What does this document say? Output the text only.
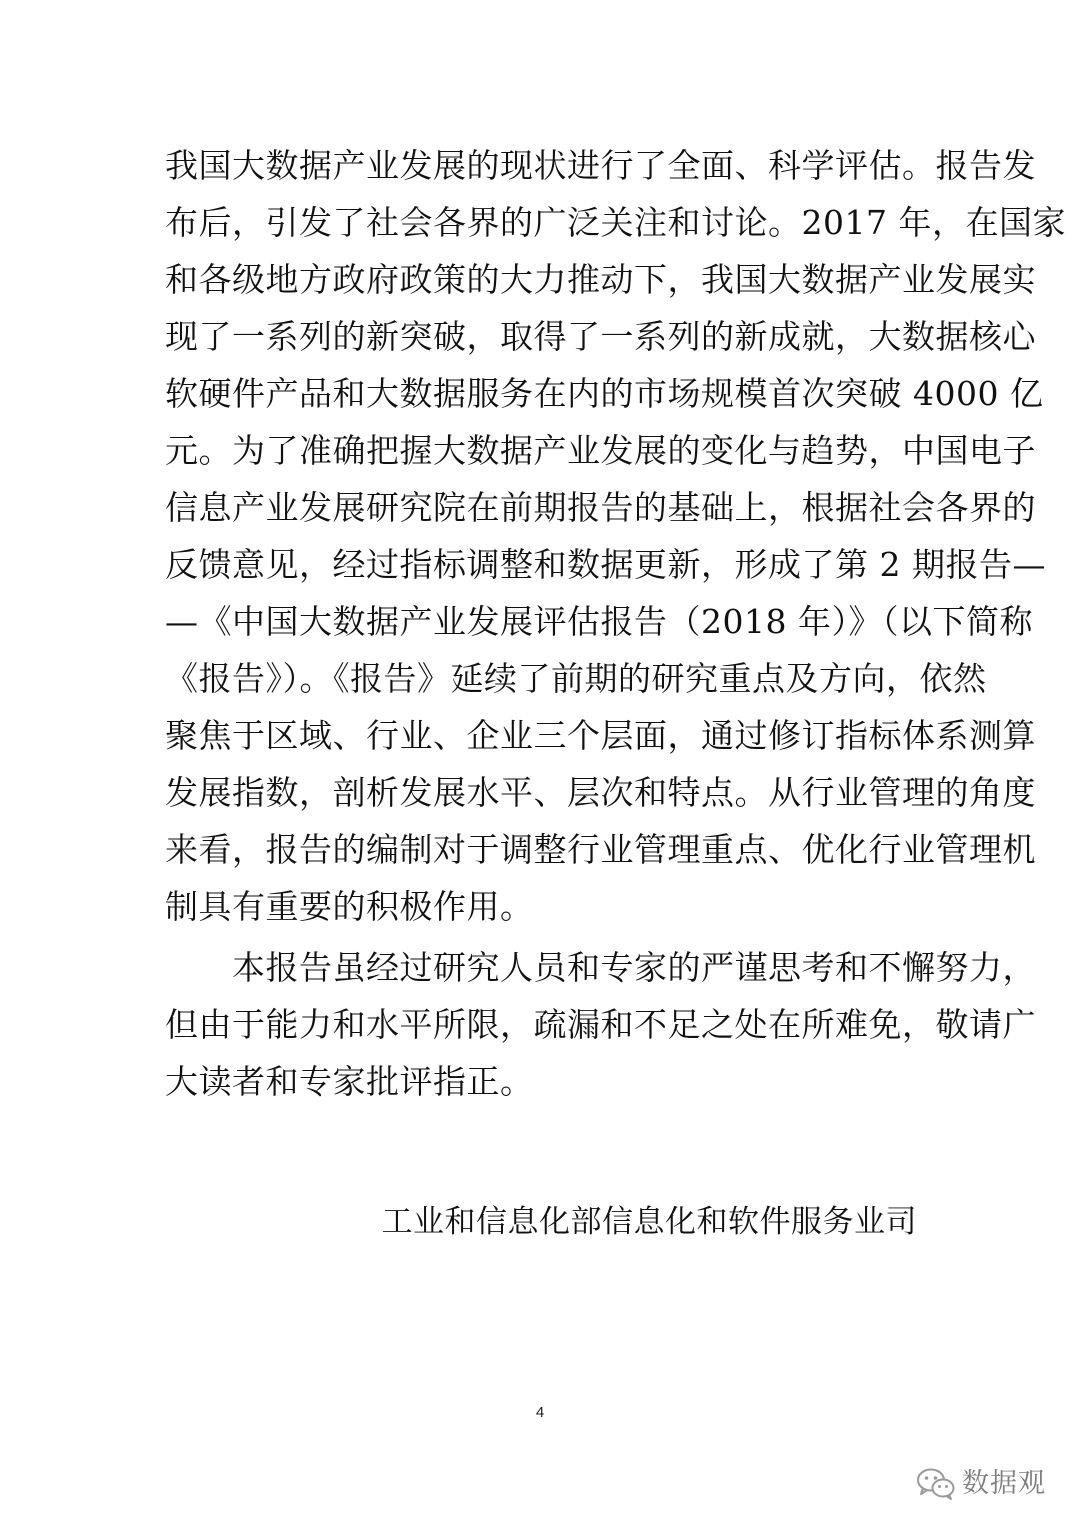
我国大数据产业发展的现状进行了全面、科学评估。报告发
布后，引发了社会各界的广泛关注和讨论。2017 年，在国家
和各级地方政府政策的大力推动下，我国大数据产业发展实
现了一系列的新突破，取得了一系列的新成就，大数据核心
软硬件产品和大数据服务在内的市场规模首次突破 4000 亿
元。为了准确把握大数据产业发展的变化与趋势，中国电子
信息产业发展研究院在前期报告的基础上，根据社会各界的
反馈意见，经过指标调整和数据更新，形成了第 2 期报告—
—《中国大数据产业发展评估报告（2018 年）》（以下简称
《报告》）。《报告》延续了前期的研究重点及方向，依然
聚焦于区域、行业、企业三个层面，通过修订指标体系测算
发展指数，剖析发展水平、层次和特点。从行业管理的角度
来看，报告的编制对于调整行业管理重点、优化行业管理机
制具有重要的积极作用。
　　本报告虽经过研究人员和专家的严谨思考和不懈努力，
但由于能力和水平所限，疏漏和不足之处在所难免，敬请广
大读者和专家批评指正。
工业和信息化部信息化和软件服务业司
4
数据观
